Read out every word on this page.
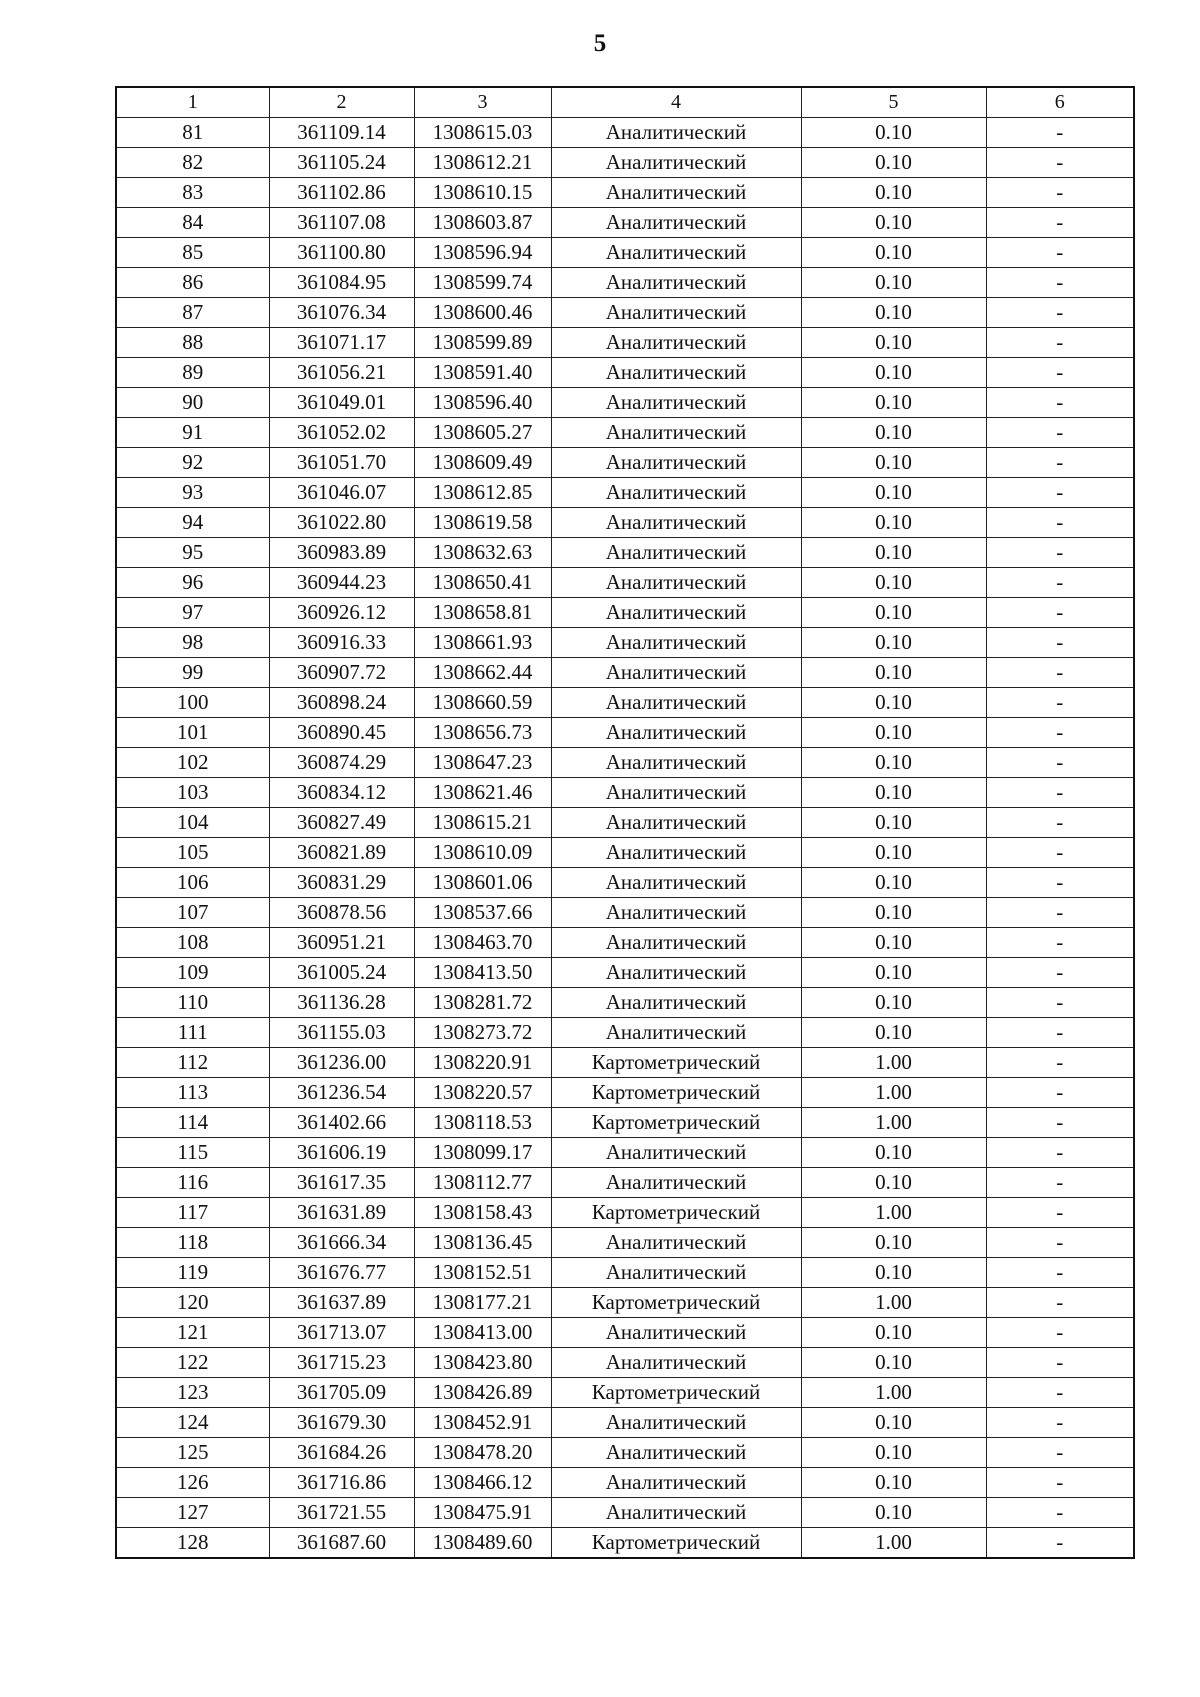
5
1	2	3	4	5	6
81	361109.14	1308615.03	Аналитический	0.10	-
82	361105.24	1308612.21	Аналитический	0.10	-
83	361102.86	1308610.15	Аналитический	0.10	-
84	361107.08	1308603.87	Аналитический	0.10	-
85	361100.80	1308596.94	Аналитический	0.10	-
86	361084.95	1308599.74	Аналитический	0.10	-
87	361076.34	1308600.46	Аналитический	0.10	-
88	361071.17	1308599.89	Аналитический	0.10	-
89	361056.21	1308591.40	Аналитический	0.10	-
90	361049.01	1308596.40	Аналитический	0.10	-
91	361052.02	1308605.27	Аналитический	0.10	-
92	361051.70	1308609.49	Аналитический	0.10	-
93	361046.07	1308612.85	Аналитический	0.10	-
94	361022.80	1308619.58	Аналитический	0.10	-
95	360983.89	1308632.63	Аналитический	0.10	-
96	360944.23	1308650.41	Аналитический	0.10	-
97	360926.12	1308658.81	Аналитический	0.10	-
98	360916.33	1308661.93	Аналитический	0.10	-
99	360907.72	1308662.44	Аналитический	0.10	-
100	360898.24	1308660.59	Аналитический	0.10	-
101	360890.45	1308656.73	Аналитический	0.10	-
102	360874.29	1308647.23	Аналитический	0.10	-
103	360834.12	1308621.46	Аналитический	0.10	-
104	360827.49	1308615.21	Аналитический	0.10	-
105	360821.89	1308610.09	Аналитический	0.10	-
106	360831.29	1308601.06	Аналитический	0.10	-
107	360878.56	1308537.66	Аналитический	0.10	-
108	360951.21	1308463.70	Аналитический	0.10	-
109	361005.24	1308413.50	Аналитический	0.10	-
110	361136.28	1308281.72	Аналитический	0.10	-
111	361155.03	1308273.72	Аналитический	0.10	-
112	361236.00	1308220.91	Картометрический	1.00	-
113	361236.54	1308220.57	Картометрический	1.00	-
114	361402.66	1308118.53	Картометрический	1.00	-
115	361606.19	1308099.17	Аналитический	0.10	-
116	361617.35	1308112.77	Аналитический	0.10	-
117	361631.89	1308158.43	Картометрический	1.00	-
118	361666.34	1308136.45	Аналитический	0.10	-
119	361676.77	1308152.51	Аналитический	0.10	-
120	361637.89	1308177.21	Картометрический	1.00	-
121	361713.07	1308413.00	Аналитический	0.10	-
122	361715.23	1308423.80	Аналитический	0.10	-
123	361705.09	1308426.89	Картометрический	1.00	-
124	361679.30	1308452.91	Аналитический	0.10	-
125	361684.26	1308478.20	Аналитический	0.10	-
126	361716.86	1308466.12	Аналитический	0.10	-
127	361721.55	1308475.91	Аналитический	0.10	-
128	361687.60	1308489.60	Картометрический	1.00	-
